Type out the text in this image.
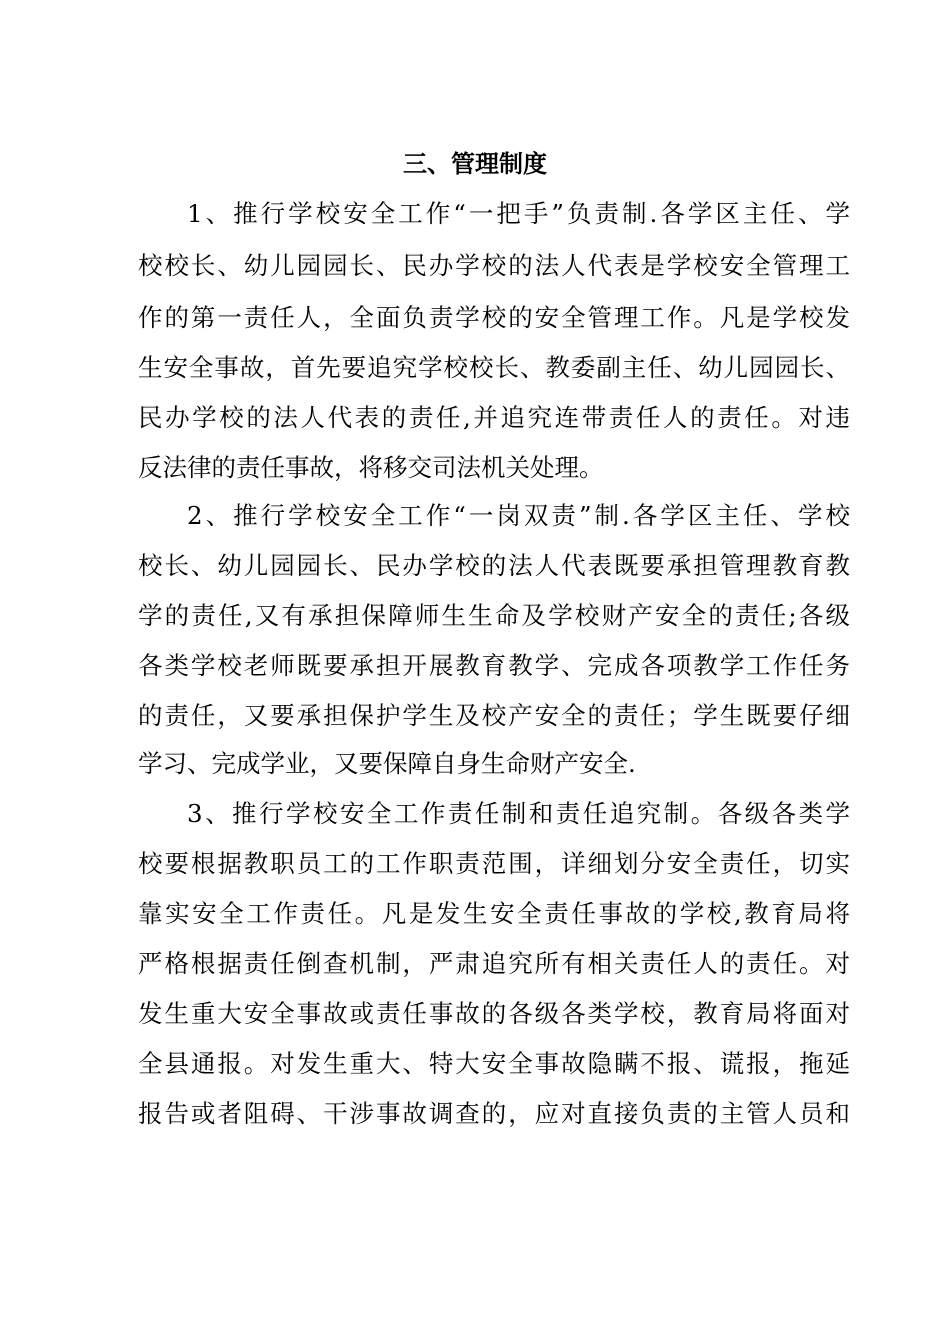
三、管理制度
1、推行学校安全工作“一把手”负责制.各学区主任、学
校校长、幼儿园园长、民办学校的法人代表是学校安全管理工
作的第一责任人，全面负责学校的安全管理工作。凡是学校发
生安全事故，首先要追究学校校长、教委副主任、幼儿园园长、
民办学校的法人代表的责任,并追究连带责任人的责任。对违
反法律的责任事故，将移交司法机关处理。
2、推行学校安全工作“一岗双责”制.各学区主任、学校
校长、幼儿园园长、民办学校的法人代表既要承担管理教育教
学的责任,又有承担保障师生生命及学校财产安全的责任;各级
各类学校老师既要承担开展教育教学、完成各项教学工作任务
的责任，又要承担保护学生及校产安全的责任；学生既要仔细
学习、完成学业，又要保障自身生命财产安全.
3、推行学校安全工作责任制和责任追究制。各级各类学
校要根据教职员工的工作职责范围，详细划分安全责任，切实
靠实安全工作责任。凡是发生安全责任事故的学校,教育局将
严格根据责任倒查机制，严肃追究所有相关责任人的责任。对
发生重大安全事故或责任事故的各级各类学校，教育局将面对
全县通报。对发生重大、特大安全事故隐瞒不报、谎报，拖延
报告或者阻碍、干涉事故调查的，应对直接负责的主管人员和
